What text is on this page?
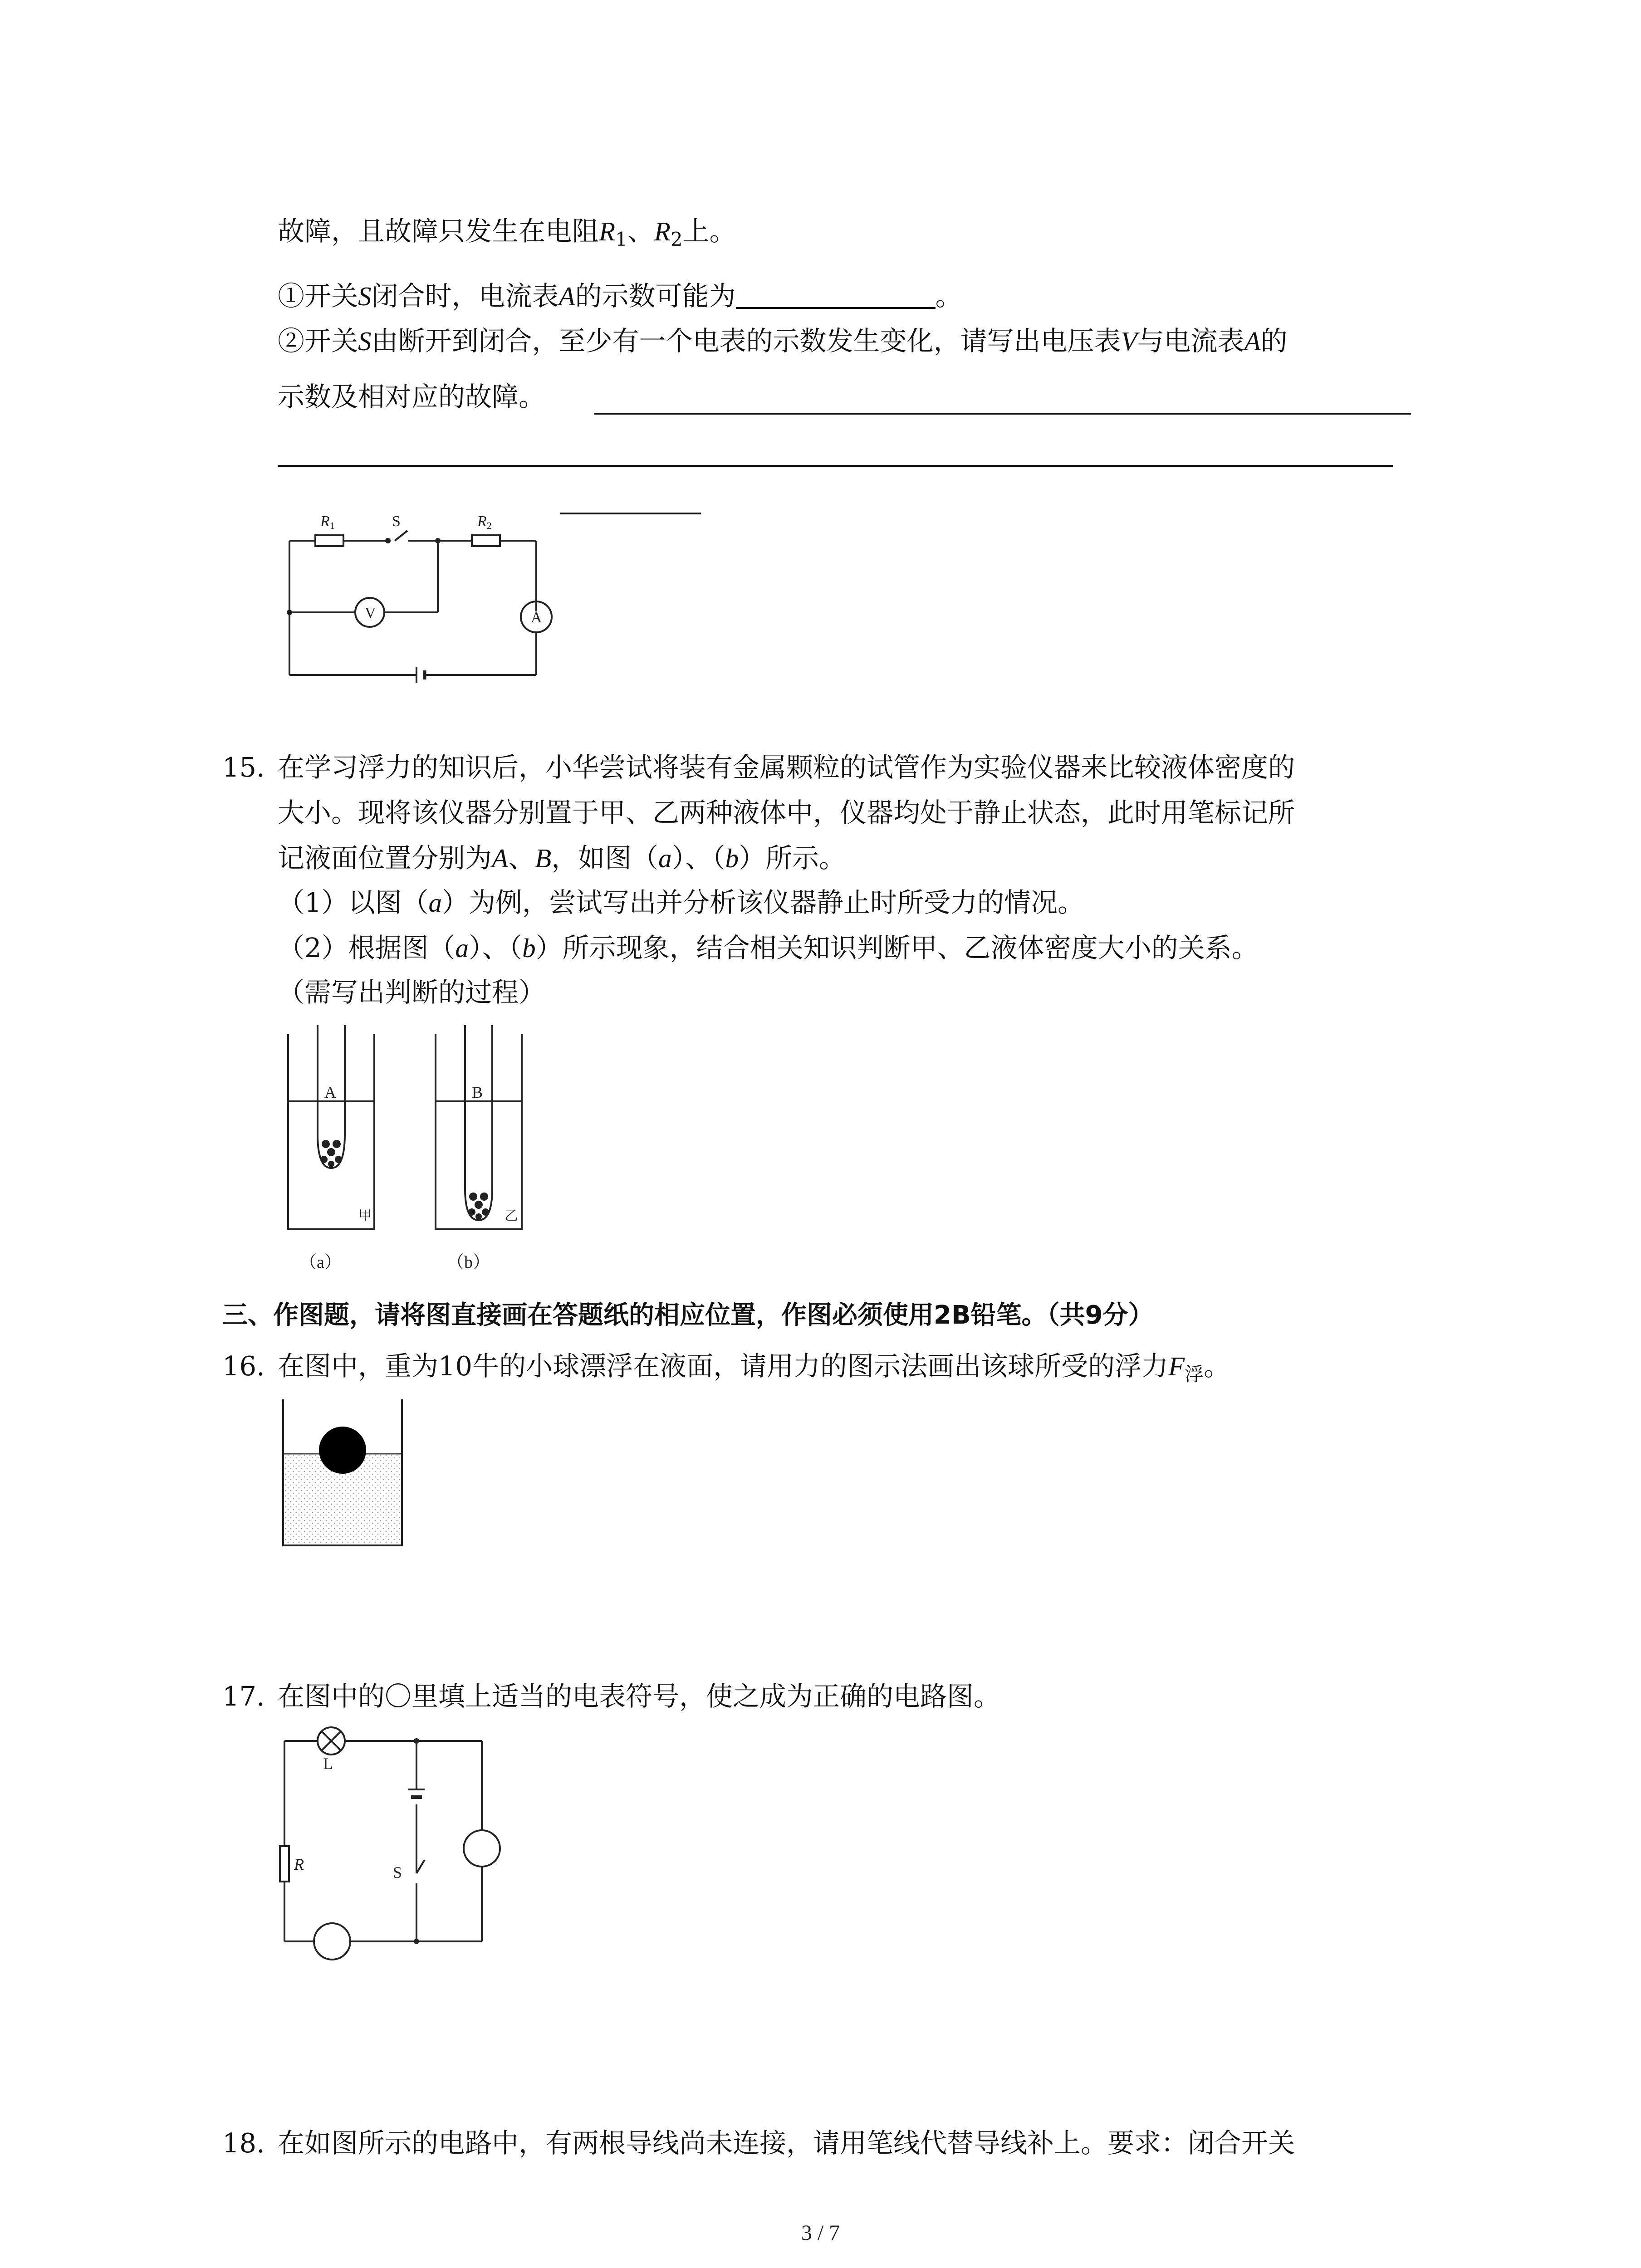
故障，且故障只发生在电阻$R_1$、$R_2$上。
①开关S闭合时，电流表A的示数可能为	。
②开关S由断开到闭合，至少有一个电表的示数发生变化，请写出电压表V与电流表A的
示数及相对应的故障。
R1	S	R2
V	A
15. 在学习浮力的知识后，小华尝试将装有金属颗粒的试管作为实验仪器来比较液体密度的
大小。现将该仪器分别置于甲、乙两种液体中，仪器均处于静止状态，此时用笔标记所
记液面位置分别为A、B，如图（a）、（b）所示。
（1）以图（a）为例，尝试写出并分析该仪器静止时所受力的情况。
（2）根据图（a）、（b）所示现象，结合相关知识判断甲、乙液体密度大小的关系。
（需写出判断的过程）
A	B
甲	乙
（a）	（b）
三、作图题，请将图直接画在答题纸的相应位置，作图必须使用2B铅笔。（共9分）
16. 在图中，重为10牛的小球漂浮在液面，请用力的图示法画出该球所受的浮力$F_浮$。
17. 在图中的〇里填上适当的电表符号，使之成为正确的电路图。
L
R	S
18. 在如图所示的电路中，有两根导线尚未连接，请用笔线代替导线补上。要求：闭合开关
3 / 7
